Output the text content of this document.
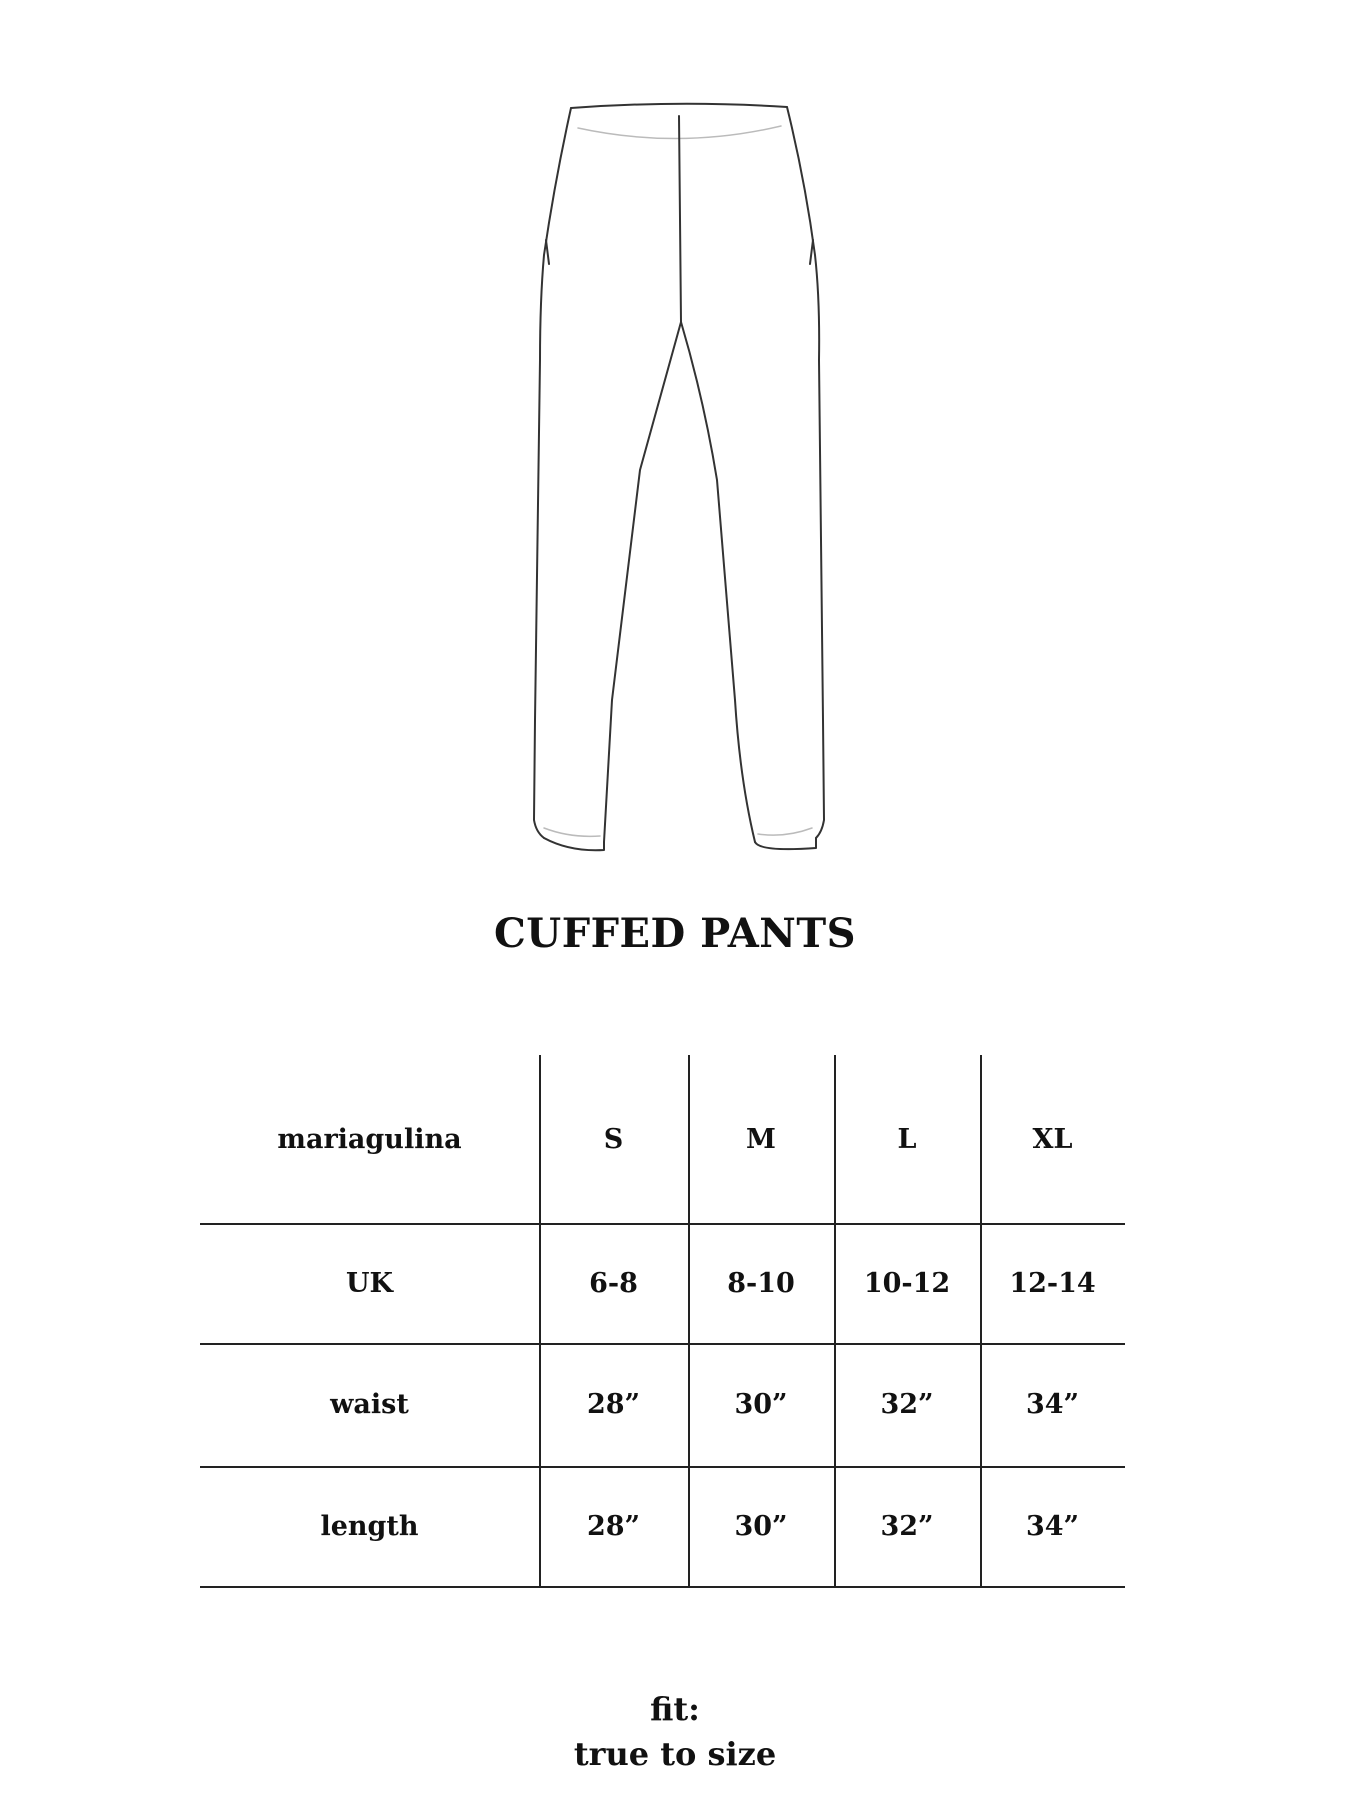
CUFFED PANTS
mariagulina	S	M	L	XL
UK	6-8	8-10	10-12	12-14
waist	28”	30”	32”	34”
length	28”	30”	32”	34”
fit:
true to size
